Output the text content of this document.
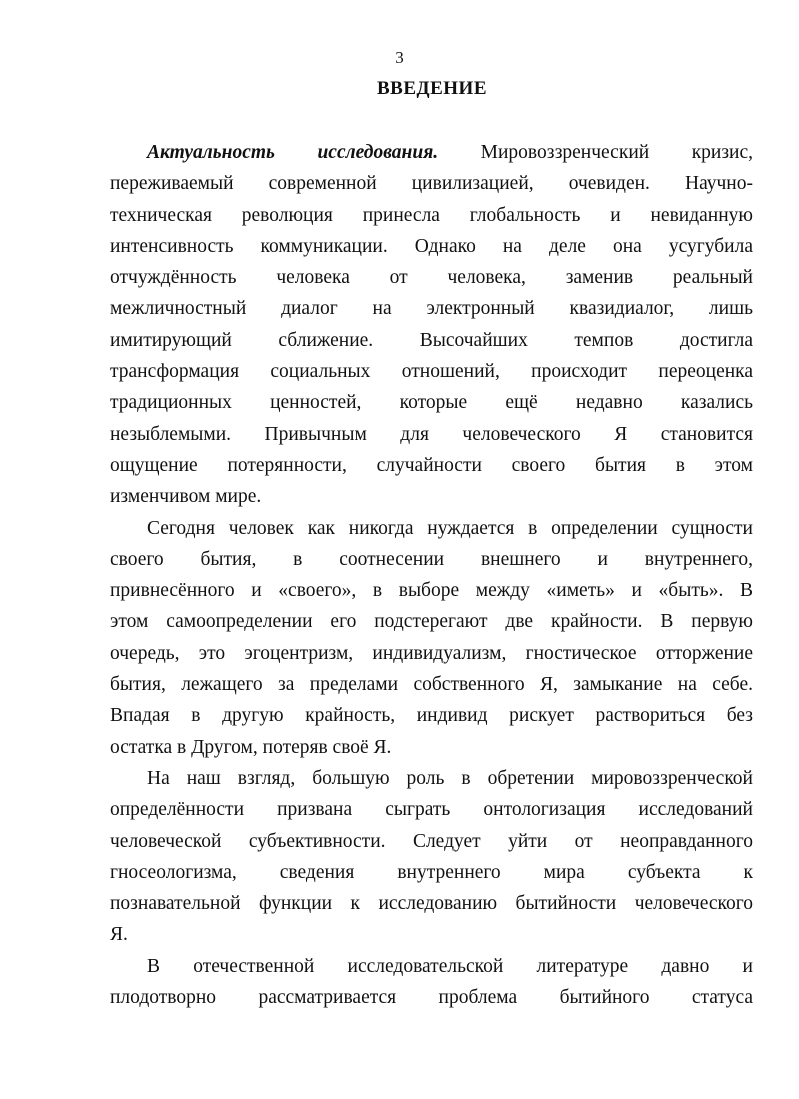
3
ВВЕДЕНИЕ
Актуальность исследования. Мировоззренческий кризис,
переживаемый современной цивилизацией, очевиден. Научно-
техническая революция принесла глобальность и невиданную
интенсивность коммуникации. Однако на деле она усугубила
отчуждённость человека от человека, заменив реальный
межличностный диалог на электронный квазидиалог, лишь
имитирующий сближение. Высочайших темпов достигла
трансформация социальных отношений, происходит переоценка
традиционных ценностей, которые ещё недавно казались
незыблемыми. Привычным для человеческого Я становится
ощущение потерянности, случайности своего бытия в этом
изменчивом мире.
Сегодня человек как никогда нуждается в определении сущности
своего бытия, в соотнесении внешнего и внутреннего,
привнесённого и «своего», в выборе между «иметь» и «быть». В
этом самоопределении его подстерегают две крайности. В первую
очередь, это эгоцентризм, индивидуализм, гностическое отторжение
бытия, лежащего за пределами собственного Я, замыкание на себе.
Впадая в другую крайность, индивид рискует раствориться без
остатка в Другом, потеряв своё Я.
На наш взгляд, большую роль в обретении мировоззренческой
определённости призвана сыграть онтологизация исследований
человеческой субъективности. Следует уйти от неоправданного
гносеологизма, сведения внутреннего мира субъекта к
познавательной функции к исследованию бытийности человеческого
Я.
В отечественной исследовательской литературе давно и
плодотворно рассматривается проблема бытийного статуса
